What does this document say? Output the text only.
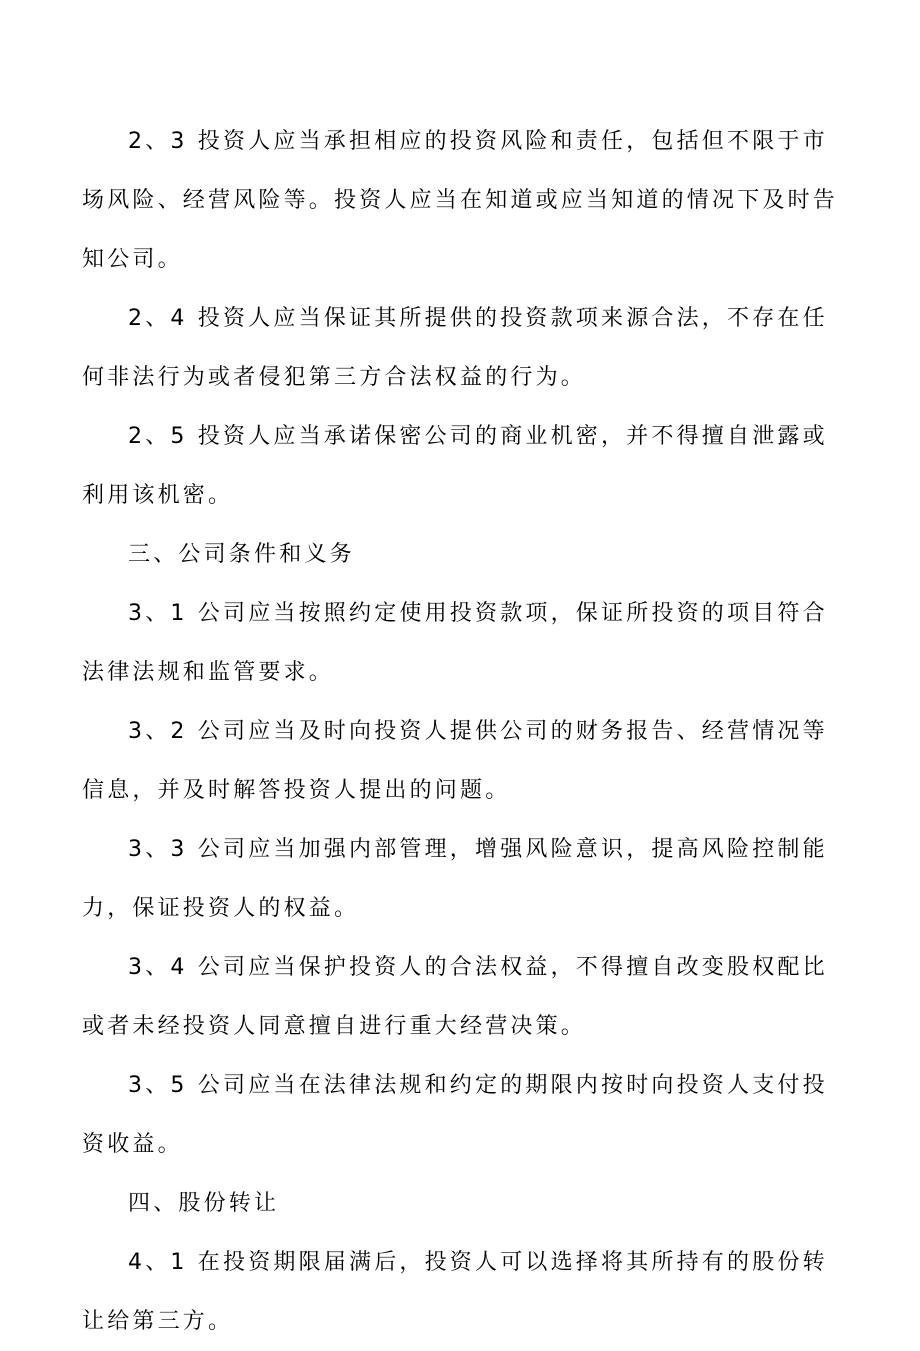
2、3 投资人应当承担相应的投资风险和责任，包括但不限于市场风险、经营风险等。投资人应当在知道或应当知道的情况下及时告知公司。

2、4 投资人应当保证其所提供的投资款项来源合法，不存在任何非法行为或者侵犯第三方合法权益的行为。

2、5 投资人应当承诺保密公司的商业机密，并不得擅自泄露或利用该机密。

三、公司条件和义务

3、1 公司应当按照约定使用投资款项，保证所投资的项目符合法律法规和监管要求。

3、2 公司应当及时向投资人提供公司的财务报告、经营情况等信息，并及时解答投资人提出的问题。

3、3 公司应当加强内部管理，增强风险意识，提高风险控制能力，保证投资人的权益。

3、4 公司应当保护投资人的合法权益，不得擅自改变股权配比或者未经投资人同意擅自进行重大经营决策。

3、5 公司应当在法律法规和约定的期限内按时向投资人支付投资收益。

四、股份转让

4、1 在投资期限届满后，投资人可以选择将其所持有的股份转让给第三方。
